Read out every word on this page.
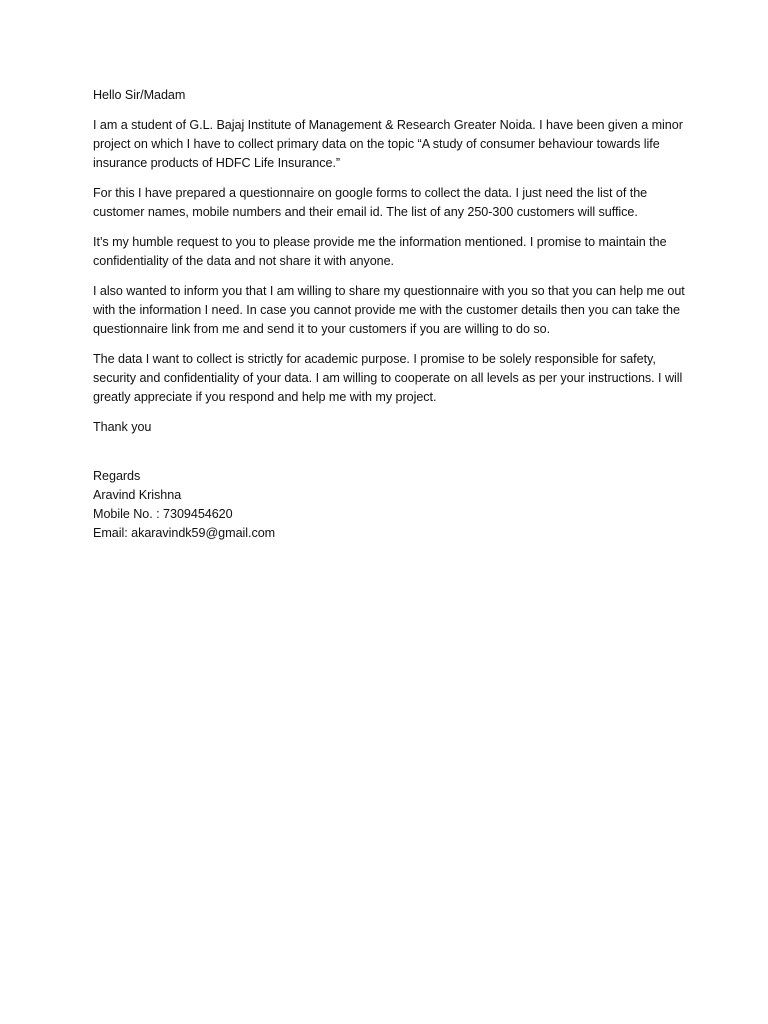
Hello Sir/Madam

I am a student of G.L. Bajaj Institute of Management & Research Greater Noida. I have been given a minor project on which I have to collect primary data on the topic “A study of consumer behaviour towards life insurance products of HDFC Life Insurance.”

For this I have prepared a questionnaire on google forms to collect the data. I just need the list of the customer names, mobile numbers and their email id. The list of any 250-300 customers will suffice.

It’s my humble request to you to please provide me the information mentioned. I promise to maintain the confidentiality of the data and not share it with anyone.

I also wanted to inform you that I am willing to share my questionnaire with you so that you can help me out with the information I need. In case you cannot provide me with the customer details then you can take the questionnaire link from me and send it to your customers if you are willing to do so.

The data I want to collect is strictly for academic purpose. I promise to be solely responsible for safety, security and confidentiality of your data. I am willing to cooperate on all levels as per your instructions. I will greatly appreciate if you respond and help me with my project.

Thank you

Regards

Aravind Krishna

Mobile No. : 7309454620

Email: akaravindk59@gmail.com
